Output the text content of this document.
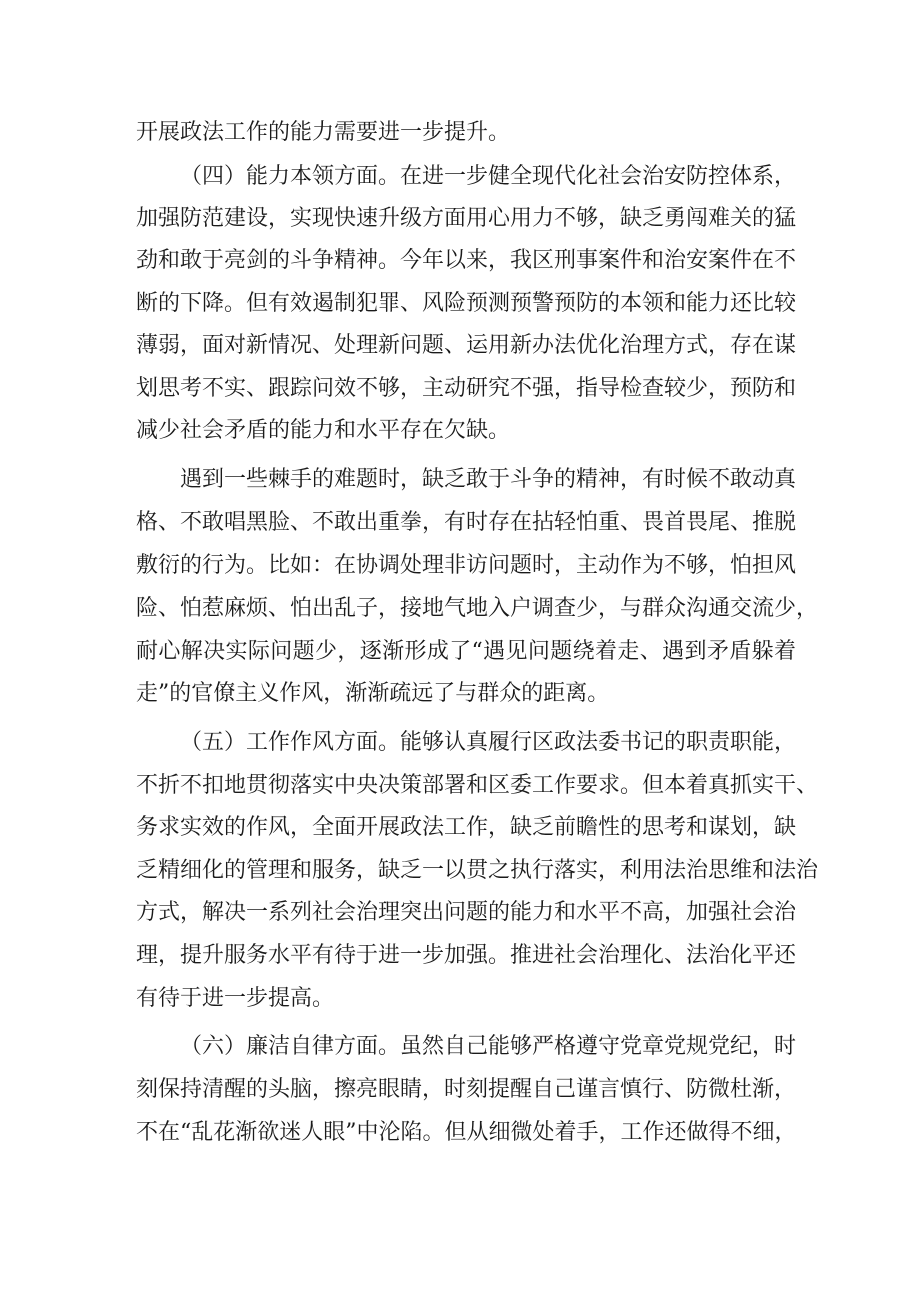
开展政法工作的能力需要进一步提升。
（四）能力本领方面。在进一步健全现代化社会治安防控体系，
加强防范建设，实现快速升级方面用心用力不够，缺乏勇闯难关的猛
劲和敢于亮剑的斗争精神。今年以来，我区刑事案件和治安案件在不
断的下降。但有效遏制犯罪、风险预测预警预防的本领和能力还比较
薄弱，面对新情况、处理新问题、运用新办法优化治理方式，存在谋
划思考不实、跟踪问效不够，主动研究不强，指导检查较少，预防和
减少社会矛盾的能力和水平存在欠缺。
遇到一些棘手的难题时，缺乏敢于斗争的精神，有时候不敢动真
格、不敢唱黑脸、不敢出重拳，有时存在拈轻怕重、畏首畏尾、推脱
敷衍的行为。比如：在协调处理非访问题时，主动作为不够，怕担风
险、怕惹麻烦、怕出乱子，接地气地入户调查少，与群众沟通交流少，
耐心解决实际问题少，逐渐形成了“遇见问题绕着走、遇到矛盾躲着
走”的官僚主义作风，渐渐疏远了与群众的距离。
（五）工作作风方面。能够认真履行区政法委书记的职责职能，
不折不扣地贯彻落实中央决策部署和区委工作要求。但本着真抓实干、
务求实效的作风，全面开展政法工作，缺乏前瞻性的思考和谋划，缺
乏精细化的管理和服务，缺乏一以贯之执行落实，利用法治思维和法治
方式，解决一系列社会治理突出问题的能力和水平不高，加强社会治
理，提升服务水平有待于进一步加强。推进社会治理化、法治化平还
有待于进一步提高。
（六）廉洁自律方面。虽然自己能够严格遵守党章党规党纪，时
刻保持清醒的头脑，擦亮眼睛，时刻提醒自己谨言慎行、防微杜渐，
不在“乱花渐欲迷人眼”中沦陷。但从细微处着手，工作还做得不细，
